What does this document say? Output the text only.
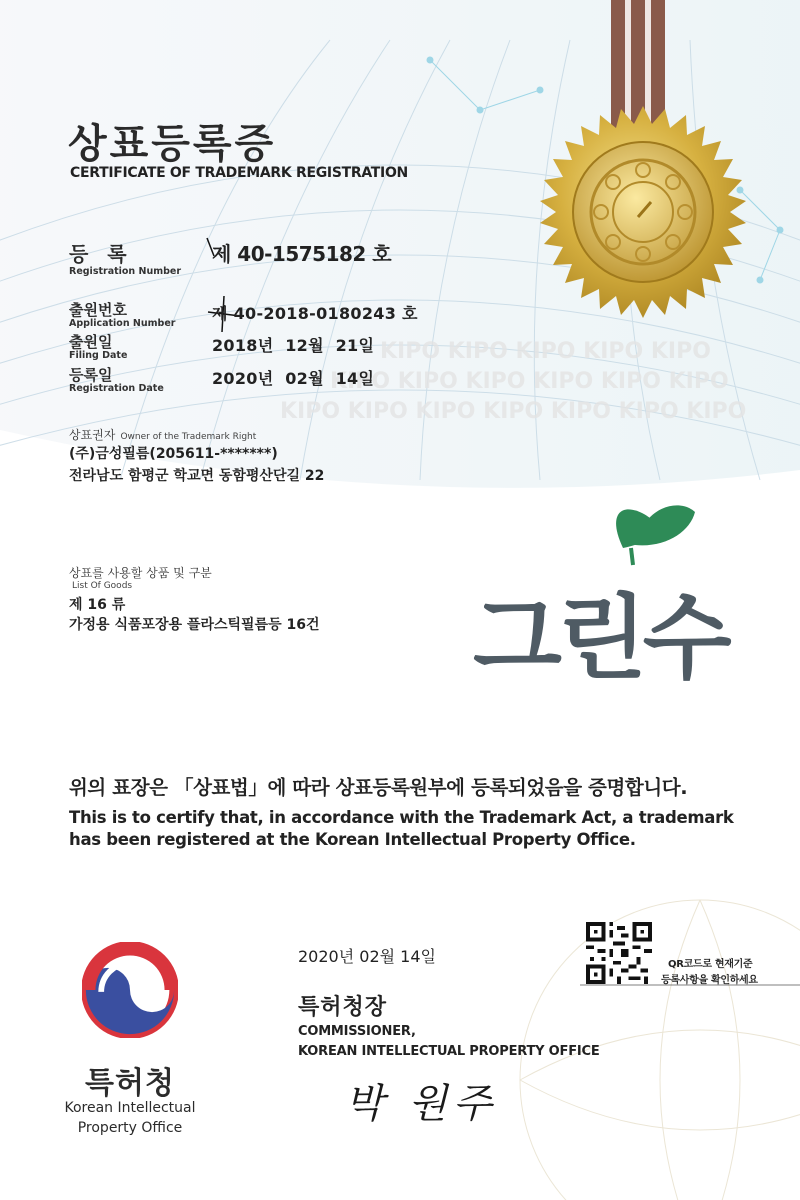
KIPO KIPO KIPO KIPO KIPO
KIPO KIPO KIPO KIPO KIPO KIPO
KIPO KIPO KIPO KIPO KIPO KIPO KIPO
상표등록증
CERTIFICATE OF TRADEMARK REGISTRATION
등 록
Registration Number
제 40-1575182 호
출원번호
Application Number
제 40-2018-0180243 호
출원일
Filing Date
2018년  12월  21일
등록일
Registration Date
2020년  02월  14일
상표권자 Owner of the Trademark Right
(주)금성필름(205611-*******)
전라남도 함평군 학교면 동함평산단길 22
상표를 사용할 상품 및 구분
List Of Goods
제 16 류
가정용 식품포장용 플라스틱필름등 16건 그린수
위의 표장은 「상표법」에 따라 상표등록원부에 등록되었음을 증명합니다.
This is to certify that, in accordance with the Trademark Act, a trademark
has been registered at the Korean Intellectual Property Office.
특허청
Korean Intellectual
Property Office
2020년 02월 14일
특허청장
COMMISSIONER,
KOREAN INTELLECTUAL PROPERTY OFFICE
박 원주
QR코드로 현재기준
등록사항을 확인하세요
